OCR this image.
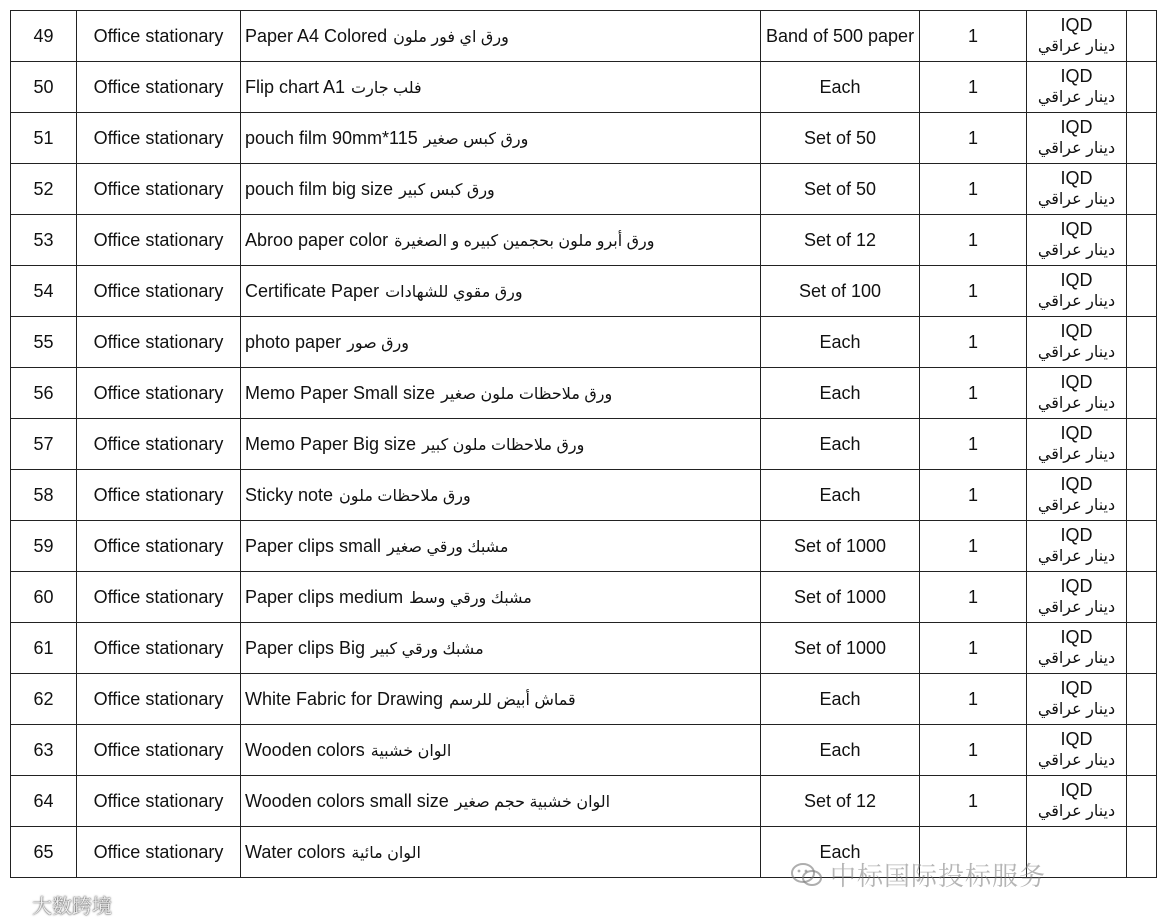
49	Office stationary	Paper A4 Colored ورق اي فور ملون	Band of 500 paper	1	IQD
دينار عراقي	

50	Office stationary	Flip chart A1 فلب جارت	Each	1	IQD
دينار عراقي	

51	Office stationary	pouch film 90mm*115 ورق كبس صغير	Set of 50	1	IQD
دينار عراقي	

52	Office stationary	pouch film big size ورق كبس كبير	Set of 50	1	IQD
دينار عراقي	

53	Office stationary	Abroo paper color ورق أبرو ملون بحجمين كبيره و الصغيرة	Set of 12	1	IQD
دينار عراقي	

54	Office stationary	Certificate Paper ورق مقوي للشهادات	Set of 100	1	IQD
دينار عراقي	

55	Office stationary	photo paper ورق صور	Each	1	IQD
دينار عراقي	

56	Office stationary	Memo Paper Small size ورق ملاحظات ملون صغير	Each	1	IQD
دينار عراقي	

57	Office stationary	Memo Paper Big size ورق ملاحظات ملون كبير	Each	1	IQD
دينار عراقي	

58	Office stationary	Sticky note ورق ملاحظات ملون	Each	1	IQD
دينار عراقي	

59	Office stationary	Paper clips small مشبك ورقي صغير	Set of 1000	1	IQD
دينار عراقي	

60	Office stationary	Paper clips medium مشبك ورقي وسط	Set of 1000	1	IQD
دينار عراقي	

61	Office stationary	Paper clips Big مشبك ورقي كبير	Set of 1000	1	IQD
دينار عراقي	

62	Office stationary	White Fabric for Drawing قماش أبيض للرسم	Each	1	IQD
دينار عراقي	

63	Office stationary	Wooden colors الوان خشبية	Each	1	IQD
دينار عراقي	

64	Office stationary	Wooden colors small size الوان خشبية حجم صغير	Set of 12	1	IQD
دينار عراقي	

65	Office stationary	Water colors الوان مائية	Each		

中标国际投标服务
大数跨境
